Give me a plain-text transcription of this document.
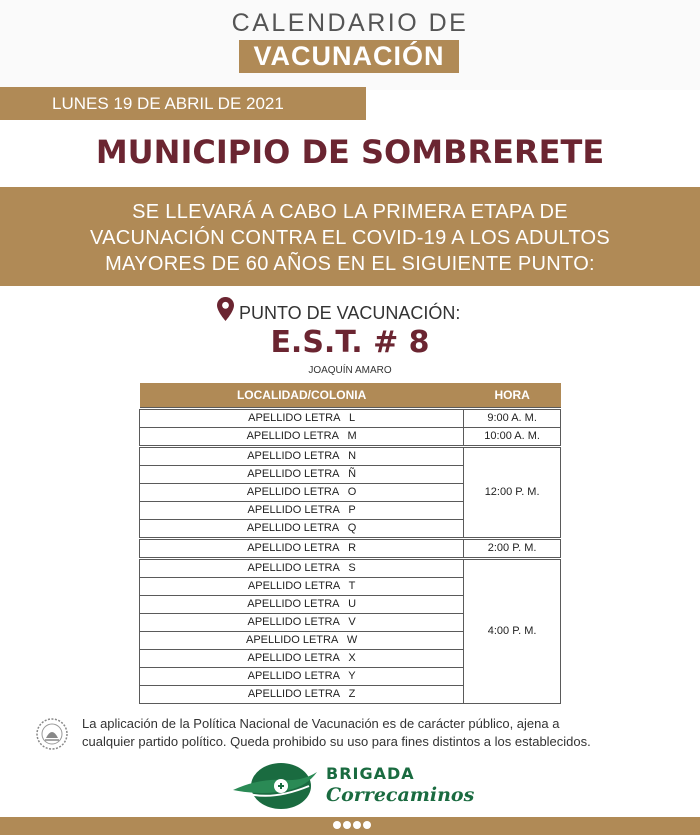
CALENDARIO DE
VACUNACIÓN
LUNES 19 DE ABRIL DE 2021
MUNICIPIO DE SOMBRERETE
SE LLEVARÁ A CABO LA PRIMERA ETAPA DE
VACUNACIÓN CONTRA EL COVID-19 A LOS ADULTOS
MAYORES DE 60 AÑOS EN EL SIGUIENTE PUNTO:
PUNTO DE VACUNACIÓN:
E.S.T. # 8
JOAQUÍN AMARO
LOCALIDAD/COLONIA	HORA

APELLIDO LETRA   L	9:00 A. M.
APELLIDO LETRA   M	10:00 A. M.

APELLIDO LETRA   N	12:00 P. M.
APELLIDO LETRA   Ñ	
APELLIDO LETRA   O	
APELLIDO LETRA   P	
APELLIDO LETRA   Q	

APELLIDO LETRA   R	2:00 P. M.

APELLIDO LETRA   S	4:00 P. M.
APELLIDO LETRA   T	
APELLIDO LETRA   U	
APELLIDO LETRA   V	
APELLIDO LETRA   W	
APELLIDO LETRA   X	
APELLIDO LETRA   Y	
APELLIDO LETRA   Z	
La aplicación de la Política Nacional de Vacunación es de carácter público, ajena a
cualquier partido político. Queda prohibido su uso para fines distintos a los establecidos.
BRIGADA
Correcaminos
